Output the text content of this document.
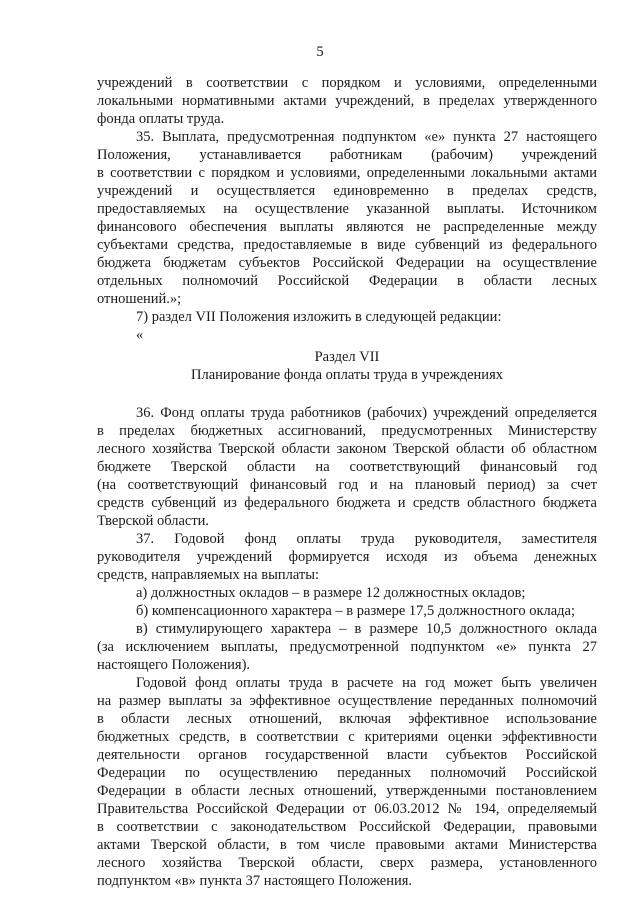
5
учреждений в соответствии с порядком и условиями, определенными
локальными нормативными актами учреждений, в пределах утвержденного
фонда оплаты труда.
35. Выплата, предусмотренная подпунктом «е» пункта 27 настоящего
Положения, устанавливается работникам (рабочим) учреждений
в соответствии с порядком и условиями, определенными локальными актами
учреждений и осуществляется единовременно в пределах средств,
предоставляемых на осуществление указанной выплаты. Источником
финансового обеспечения выплаты являются не распределенные между
субъектами средства, предоставляемые в виде субвенций из федерального
бюджета бюджетам субъектов Российской Федерации на осуществление
отдельных полномочий Российской Федерации в области лесных
отношений.»;
7) раздел VII Положения изложить в следующей редакции:
«
Раздел VII
Планирование фонда оплаты труда в учреждениях
36. Фонд оплаты труда работников (рабочих) учреждений определяется
в пределах бюджетных ассигнований, предусмотренных Министерству
лесного хозяйства Тверской области законом Тверской области об областном
бюджете Тверской области на соответствующий финансовый год
(на соответствующий финансовый год и на плановый период) за счет
средств субвенций из федерального бюджета и средств областного бюджета
Тверской области.
37. Годовой фонд оплаты труда руководителя, заместителя
руководителя учреждений формируется исходя из объема денежных
средств, направляемых на выплаты:
а) должностных окладов – в размере 12 должностных окладов;
б) компенсационного характера – в размере 17,5 должностного оклада;
в) стимулирующего характера – в размере 10,5 должностного оклада
(за исключением выплаты, предусмотренной подпунктом «е» пункта 27
настоящего Положения).
Годовой фонд оплаты труда в расчете на год может быть увеличен
на размер выплаты за эффективное осуществление переданных полномочий
в области лесных отношений, включая эффективное использование
бюджетных средств, в соответствии с критериями оценки эффективности
деятельности органов государственной власти субъектов Российской
Федерации по осуществлению переданных полномочий Российской
Федерации в области лесных отношений, утвержденными постановлением
Правительства Российской Федерации от 06.03.2012 № 194, определяемый
в соответствии с законодательством Российской Федерации, правовыми
актами Тверской области, в том числе правовыми актами Министерства
лесного хозяйства Тверской области, сверх размера, установленного
подпунктом «в» пункта 37 настоящего Положения.
